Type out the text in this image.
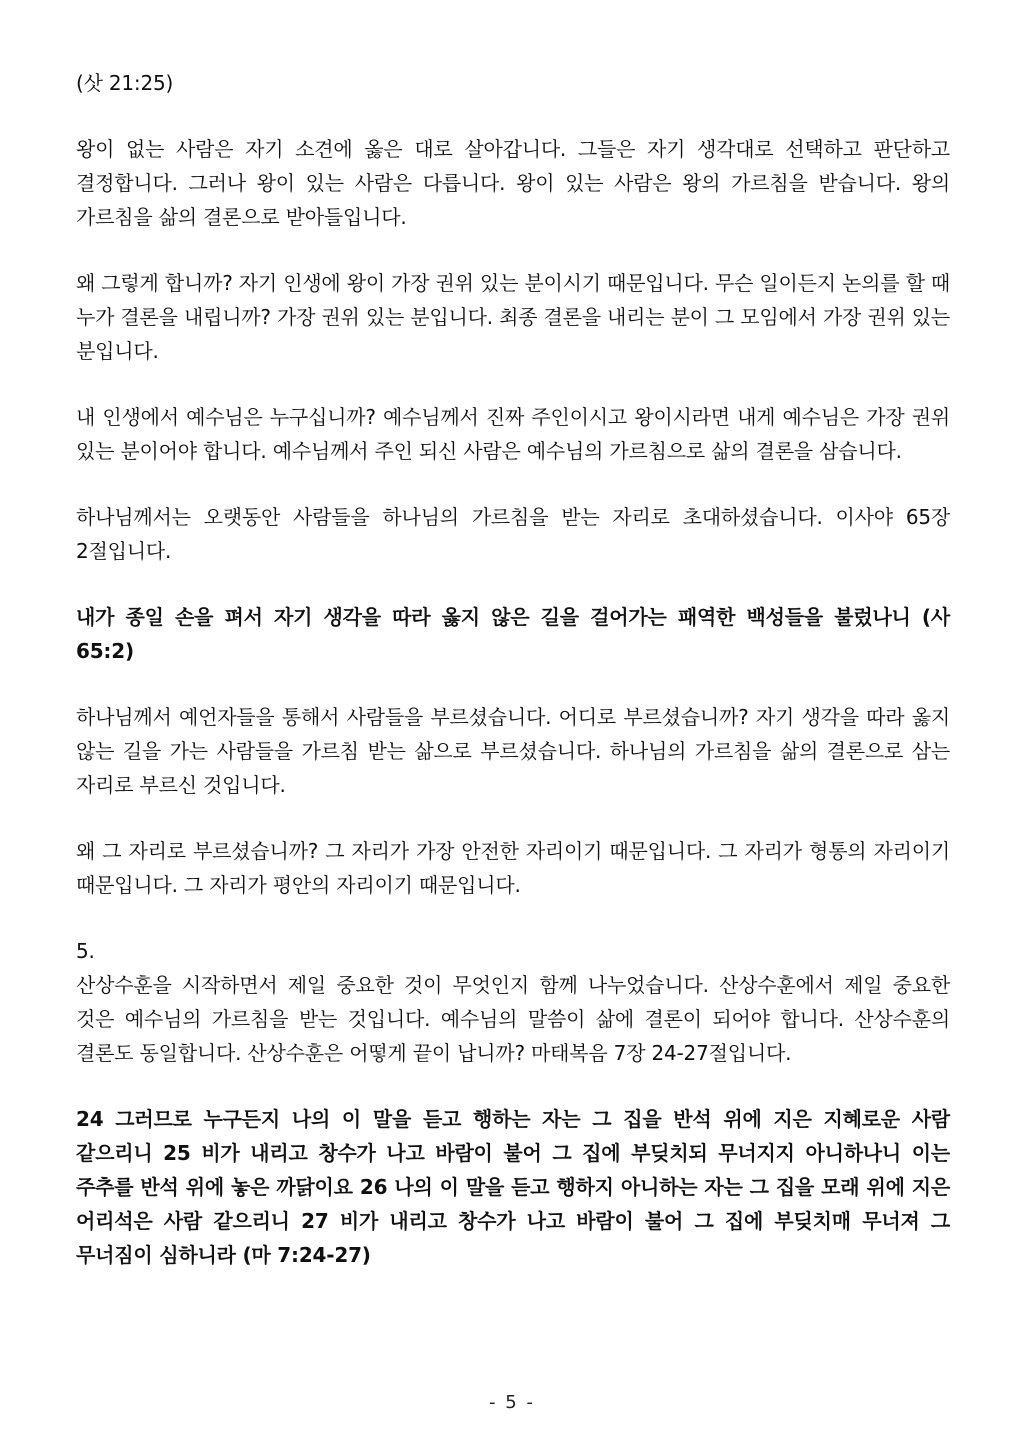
(삿 21:25)

왕이 없는 사람은 자기 소견에 옳은 대로 살아갑니다. 그들은 자기 생각대로 선택하고 판단하고 결정합니다. 그러나 왕이 있는 사람은 다릅니다. 왕이 있는 사람은 왕의 가르침을 받습니다. 왕의 가르침을 삶의 결론으로 받아들입니다.

왜 그렇게 합니까? 자기 인생에 왕이 가장 권위 있는 분이시기 때문입니다. 무슨 일이든지 논의를 할 때 누가 결론을 내립니까? 가장 권위 있는 분입니다. 최종 결론을 내리는 분이 그 모임에서 가장 권위 있는 분입니다.

내 인생에서 예수님은 누구십니까? 예수님께서 진짜 주인이시고 왕이시라면 내게 예수님은 가장 권위 있는 분이어야 합니다. 예수님께서 주인 되신 사람은 예수님의 가르침으로 삶의 결론을 삼습니다.

하나님께서는 오랫동안 사람들을 하나님의 가르침을 받는 자리로 초대하셨습니다. 이사야 65장 2절입니다.

내가 종일 손을 펴서 자기 생각을 따라 옳지 않은 길을 걸어가는 패역한 백성들을 불렀나니 (사 65:2)

하나님께서 예언자들을 통해서 사람들을 부르셨습니다. 어디로 부르셨습니까? 자기 생각을 따라 옳지 않는 길을 가는 사람들을 가르침 받는 삶으로 부르셨습니다. 하나님의 가르침을 삶의 결론으로 삼는 자리로 부르신 것입니다.

왜 그 자리로 부르셨습니까? 그 자리가 가장 안전한 자리이기 때문입니다. 그 자리가 형통의 자리이기 때문입니다. 그 자리가 평안의 자리이기 때문입니다.

5.

산상수훈을 시작하면서 제일 중요한 것이 무엇인지 함께 나누었습니다. 산상수훈에서 제일 중요한 것은 예수님의 가르침을 받는 것입니다. 예수님의 말씀이 삶에 결론이 되어야 합니다. 산상수훈의 결론도 동일합니다. 산상수훈은 어떻게 끝이 납니까? 마태복음 7장 24-27절입니다.

24 그러므로 누구든지 나의 이 말을 듣고 행하는 자는 그 집을 반석 위에 지은 지혜로운 사람 같으리니 25 비가 내리고 창수가 나고 바람이 불어 그 집에 부딪치되 무너지지 아니하나니 이는 주추를 반석 위에 놓은 까닭이요 26 나의 이 말을 듣고 행하지 아니하는 자는 그 집을 모래 위에 지은 어리석은 사람 같으리니 27 비가 내리고 창수가 나고 바람이 불어 그 집에 부딪치매 무너져 그 무너짐이 심하니라 (마 7:24-27)

- 5 -
